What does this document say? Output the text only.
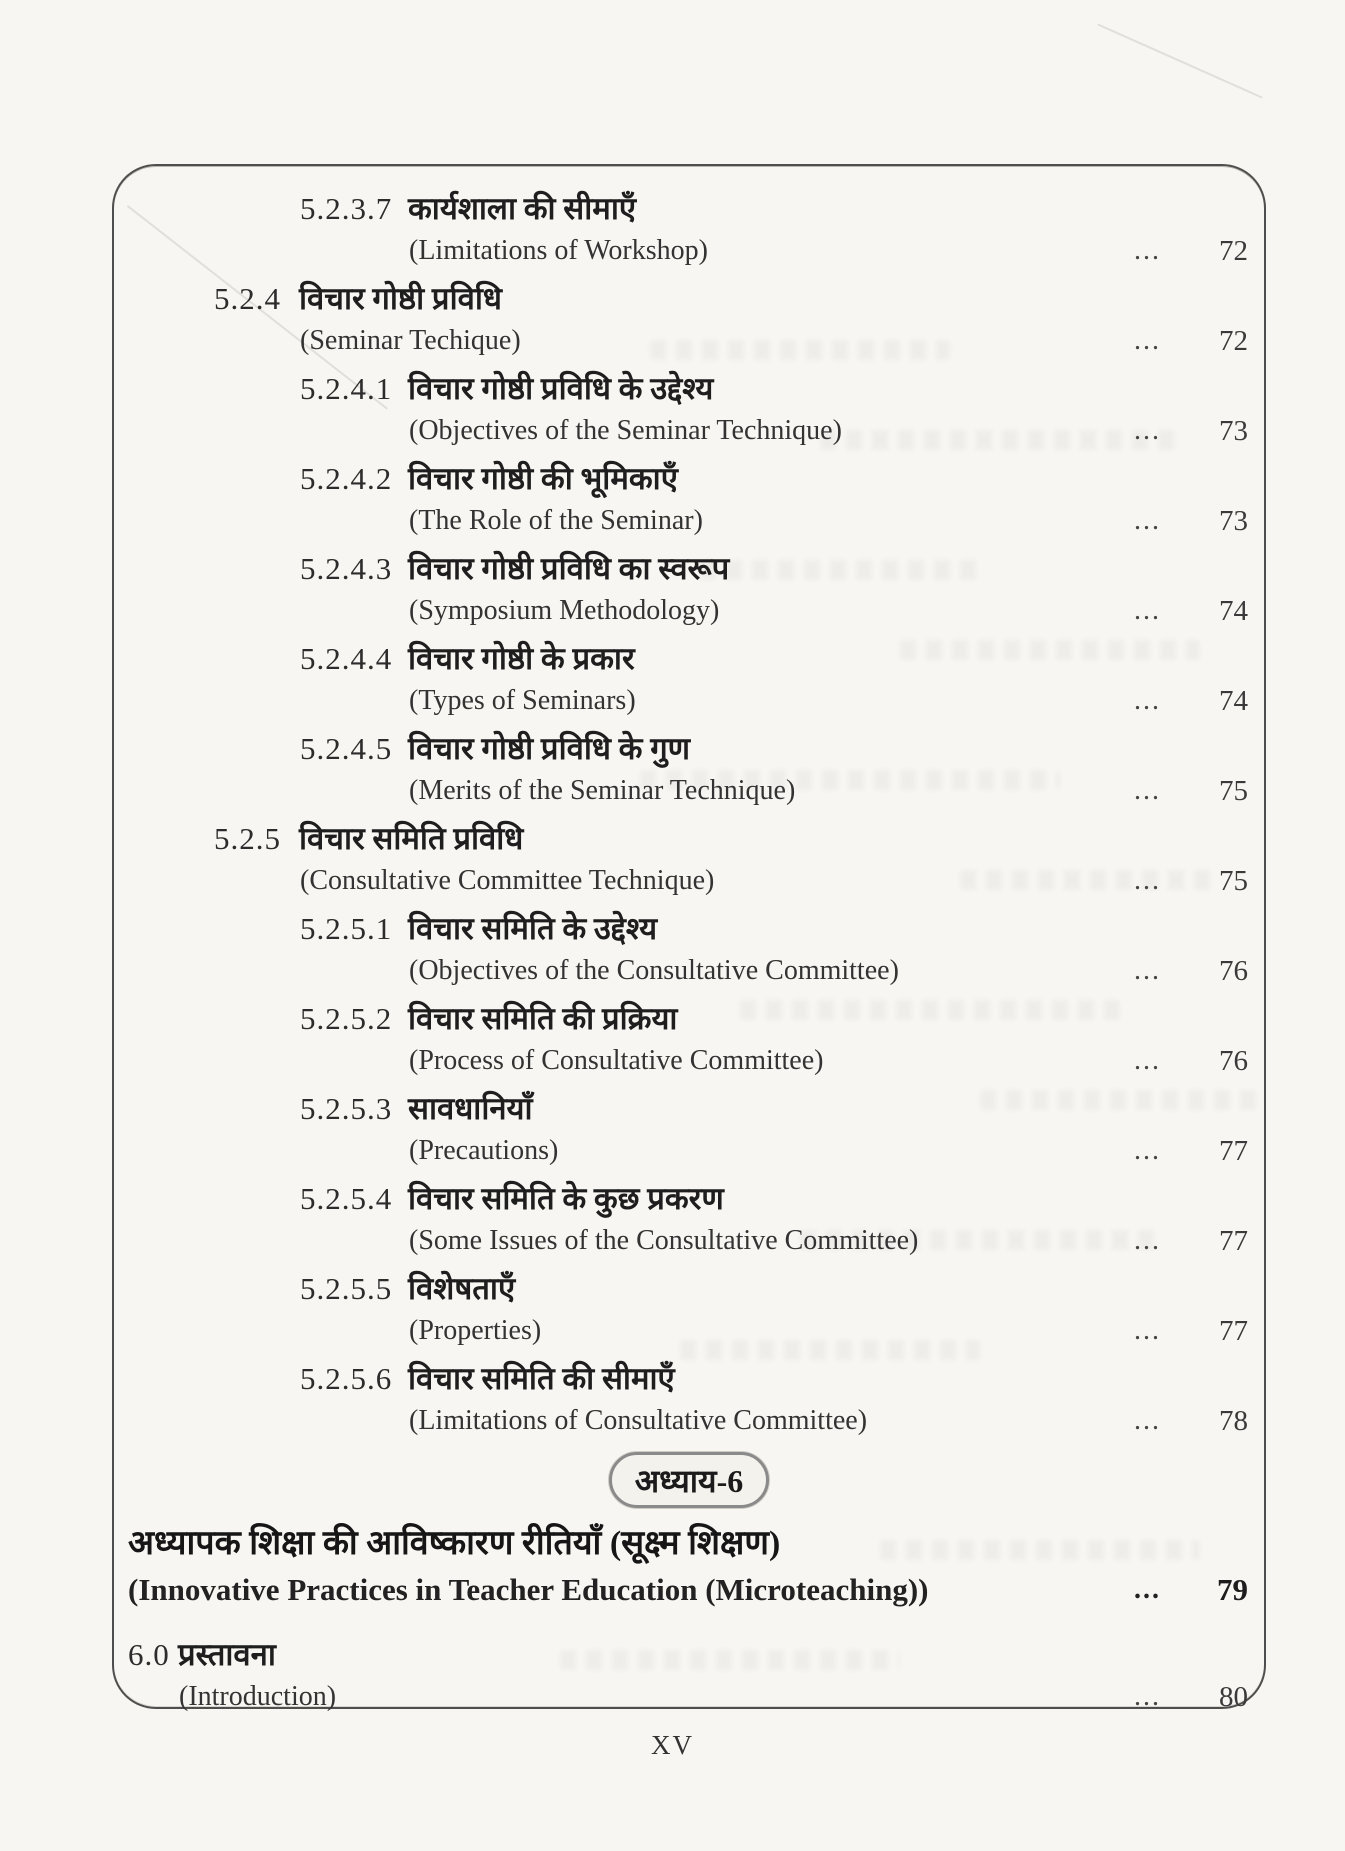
5.2.3.7 कार्यशाला की सीमाएँ
(Limitations of Workshop)	...	72
5.2.4 विचार गोष्ठी प्रविधि
(Seminar Techique)	...	72
5.2.4.1 विचार गोष्ठी प्रविधि के उद्देश्य
(Objectives of the Seminar Technique)	...	73
5.2.4.2 विचार गोष्ठी की भूमिकाएँ
(The Role of the Seminar)	...	73
5.2.4.3 विचार गोष्ठी प्रविधि का स्वरूप
(Symposium Methodology)	...	74
5.2.4.4 विचार गोष्ठी के प्रकार
(Types of Seminars)	...	74
5.2.4.5 विचार गोष्ठी प्रविधि के गुण
(Merits of the Seminar Technique)	...	75
5.2.5 विचार समिति प्रविधि
(Consultative Committee Technique)	...	75
5.2.5.1 विचार समिति के उद्देश्य
(Objectives of the Consultative Committee)	...	76
5.2.5.2 विचार समिति की प्रक्रिया
(Process of Consultative Committee)	...	76
5.2.5.3 सावधानियाँ
(Precautions)	...	77
5.2.5.4 विचार समिति के कुछ प्रकरण
(Some Issues of the Consultative Committee)	...	77
5.2.5.5 विशेषताएँ
(Properties)	...	77
5.2.5.6 विचार समिति की सीमाएँ
(Limitations of Consultative Committee)	...	78
अध्याय-6
अध्यापक शिक्षा की आविष्कारण रीतियाँ (सूक्ष्म शिक्षण)
(Innovative Practices in Teacher Education (Microteaching))	...	79
6.0 प्रस्तावना
(Introduction)	...	80
XV
